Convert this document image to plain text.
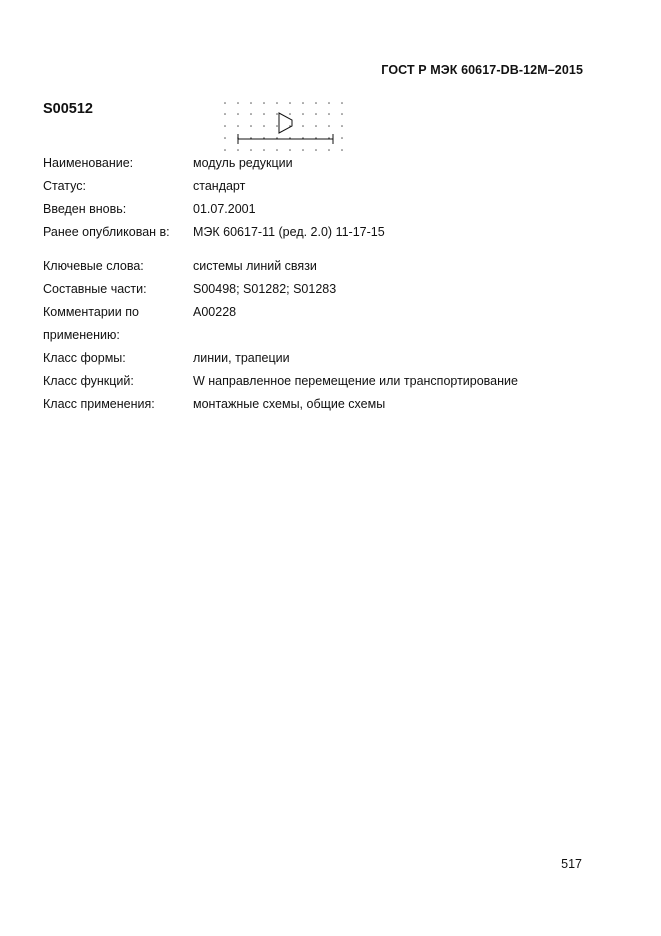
ГОСТ Р МЭК 60617-DB-12M–2015
S00512
Наименование:	модуль редукции
Статус:	стандарт
Введен вновь:	01.07.2001
Ранее опубликован в: МЭК 60617-11 (ред. 2.0) 11-17-15
Ключевые слова:	системы линий связи
Составные части:	S00498; S01282; S01283
Комментарии по	A00228
применению:
Класс формы:	линии, трапеции
Класс функций:	W направленное перемещение или транспортирование
Класс применения:	монтажные схемы, общие схемы
517
